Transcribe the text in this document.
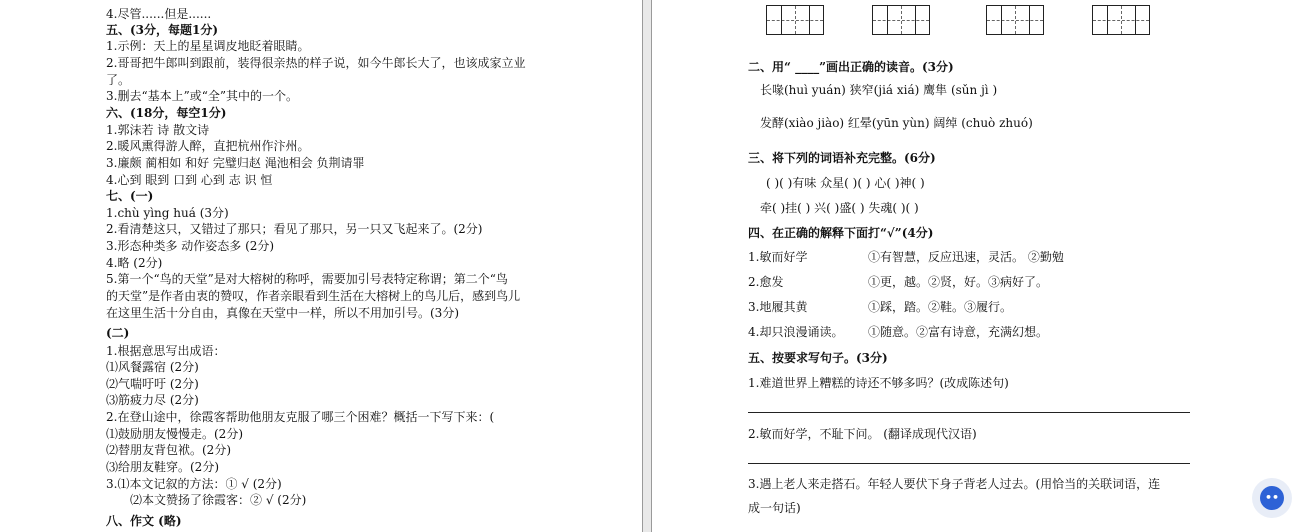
4.尽管......但是......
五、(3分，每题1分)
1.示例：天上的星星调皮地眨着眼睛。
2.哥哥把牛郎叫到跟前，装得很亲热的样子说，如今牛郎长大了，也该成家立业
了。
3.删去“基本上”或“全”其中的一个。
六、(18分，每空1分)
1.郭沫若 诗 散文诗
2.暖风熏得游人醉，直把杭州作汴州。
3.廉颇 蔺相如 和好 完璧归赵 渑池相会 负荆请罪
4.心到 眼到 口到 心到 志 识 恒
七、(一)
1.chù yìng huá (3分)
2.看清楚这只，又错过了那只；看见了那只，另一只又飞起来了。(2分)
3.形态种类多 动作姿态多 (2分)
4.略 (2分)
5.第一个“鸟的天堂”是对大榕树的称呼，需要加引号表特定称谓；第二个“鸟
的天堂”是作者由衷的赞叹，作者亲眼看到生活在大榕树上的鸟儿后，感到鸟儿
在这里生活十分自由，真像在天堂中一样，所以不用加引号。(3分)
(二)
1.根据意思写出成语：
⑴风餐露宿 (2分)
⑵气喘吁吁 (2分)
⑶筋疲力尽 (2分)
2.在登山途中，徐霞客帮助他朋友克服了哪三个困难？概括一下写下来：(
⑴鼓励朋友慢慢走。(2分)
⑵替朋友背包袱。(2分)
⑶给朋友鞋穿。(2分)
3.⑴本文记叙的方法：① √ (2分)
⑵本文赞扬了徐霞客：② √ (2分)
八、作文 (略)
二、用“ ____”画出正确的读音。(3分)
长喙(huì yuán) 狭窄(jiá xiá) 鹰隼 (sǔn jì )
发酵(xiào jiào) 红晕(yūn yùn) 阔绰 (chuò zhuó)
三、将下列的词语补充完整。(6分)
( )( )有味 众星( )( ) 心( )神( )
牵( )挂( ) 兴( )盛( ) 失魂( )( )
四、在正确的解释下面打“√”(4分)
1.敏而好学	①有智慧，反应迅速，灵活。 ②勤勉
2.愈发	①更，越。②贤，好。③病好了。
3.地履其黄	①踩，踏。②鞋。③履行。
4.却只浪漫诵读。 ①随意。②富有诗意，充满幻想。
五、按要求写句子。(3分)
1.难道世界上糟糕的诗还不够多吗？(改成陈述句)
2.敏而好学，不耻下问。 (翻译成现代汉语)
3.遇上老人来走搭石。年轻人要伏下身子背老人过去。(用恰当的关联词语，连
成一句话)
••
